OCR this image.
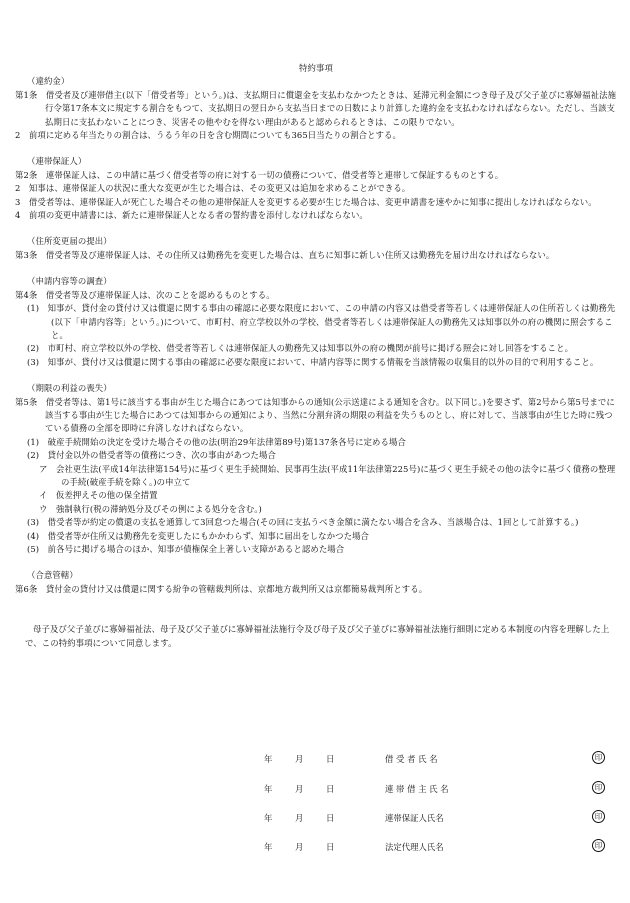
特約事項
（違約金）
第1条　借受者及び連帯借主(以下「借受者等」という。)は、支払期日に償還金を支払わなかつたときは、延滞元利金額につき母子及び父子並びに寡婦福祉法施行令第17条本文に規定する割合をもつて、支払期日の翌日から支払当日までの日数により計算した違約金を支払わなければならない。ただし、当該支払期日に支払わないことにつき、災害その他やむを得ない理由があると認められるときは、この限りでない。
2　前項に定める年当たりの割合は、うるう年の日を含む期間についても365日当たりの割合とする。
（連帯保証人）
第2条　連帯保証人は、この申請に基づく借受者等の府に対する一切の債務について、借受者等と連帯して保証するものとする。
2　知事は、連帯保証人の状況に重大な変更が生じた場合は、その変更又は追加を求めることができる。
3　借受者等は、連帯保証人が死亡した場合その他の連帯保証人を変更する必要が生じた場合は、変更申請書を速やかに知事に提出しなければならない。
4　前項の変更申請書には、新たに連帯保証人となる者の誓約書を添付しなければならない。
（住所変更届の提出）
第3条　借受者等及び連帯保証人は、その住所又は勤務先を変更した場合は、直ちに知事に新しい住所又は勤務先を届け出なければならない。
（申請内容等の調査）
第4条　借受者等及び連帯保証人は、次のことを認めるものとする。
(1)　知事が、貸付金の貸付け又は償還に関する事由の確認に必要な限度において、この申請の内容又は借受者等若しくは連帯保証人の住所若しくは勤務先(以下「申請内容等」という。)について、市町村、府立学校以外の学校、借受者等若しくは連帯保証人の勤務先又は知事以外の府の機関に照会すること。
(2)　市町村、府立学校以外の学校、借受者等若しくは連帯保証人の勤務先又は知事以外の府の機関が前号に掲げる照会に対し回答をすること。
(3)　知事が、貸付け又は償還に関する事由の確認に必要な限度において、申請内容等に関する情報を当該情報の収集目的以外の目的で利用すること。
（期限の利益の喪失）
第5条　借受者等は、第1号に該当する事由が生じた場合にあつては知事からの通知(公示送達による通知を含む。以下同じ。)を要さず、第2号から第5号までに該当する事由が生じた場合にあつては知事からの通知により、当然に分割弁済の期限の利益を失うものとし、府に対して、当該事由が生じた時に残つている債務の全部を即時に弁済しなければならない。
(1)　破産手続開始の決定を受けた場合その他の法(明治29年法律第89号)第137条各号に定める場合
(2)　貸付金以外の借受者等の債務につき、次の事由があつた場合
ア　会社更生法(平成14年法律第154号)に基づく更生手続開始、民事再生法(平成11年法律第225号)に基づく更生手続その他の法令に基づく債務の整理の手続(破産手続を除く。)の申立て
イ　仮差押えその他の保全措置
ウ　強制執行(税の滞納処分及びその例による処分を含む。)
(3)　借受者等が約定の償還の支払を通算して3回怠つた場合(その回に支払うべき金額に満たない場合を含み、当該場合は、1回として計算する。)
(4)　借受者等が住所又は勤務先を変更したにもかかわらず、知事に届出をしなかつた場合
(5)　前各号に掲げる場合のほか、知事が債権保全上著しい支障があると認めた場合
（合意管轄）
第6条　貸付金の貸付け又は償還に関する紛争の管轄裁判所は、京都地方裁判所又は京都簡易裁判所とする。
母子及び父子並びに寡婦福祉法、母子及び父子並びに寡婦福祉法施行令及び母子及び父子並びに寡婦福祉法施行細則に定める本制度の内容を理解した上で、この特約事項について同意します。
年	月	日	借 受 者 氏 名	印
年	月	日	連 帯 借 主 氏 名	印
年	月	日	連帯保証人氏名	印
年	月	日	法定代理人氏名	印
